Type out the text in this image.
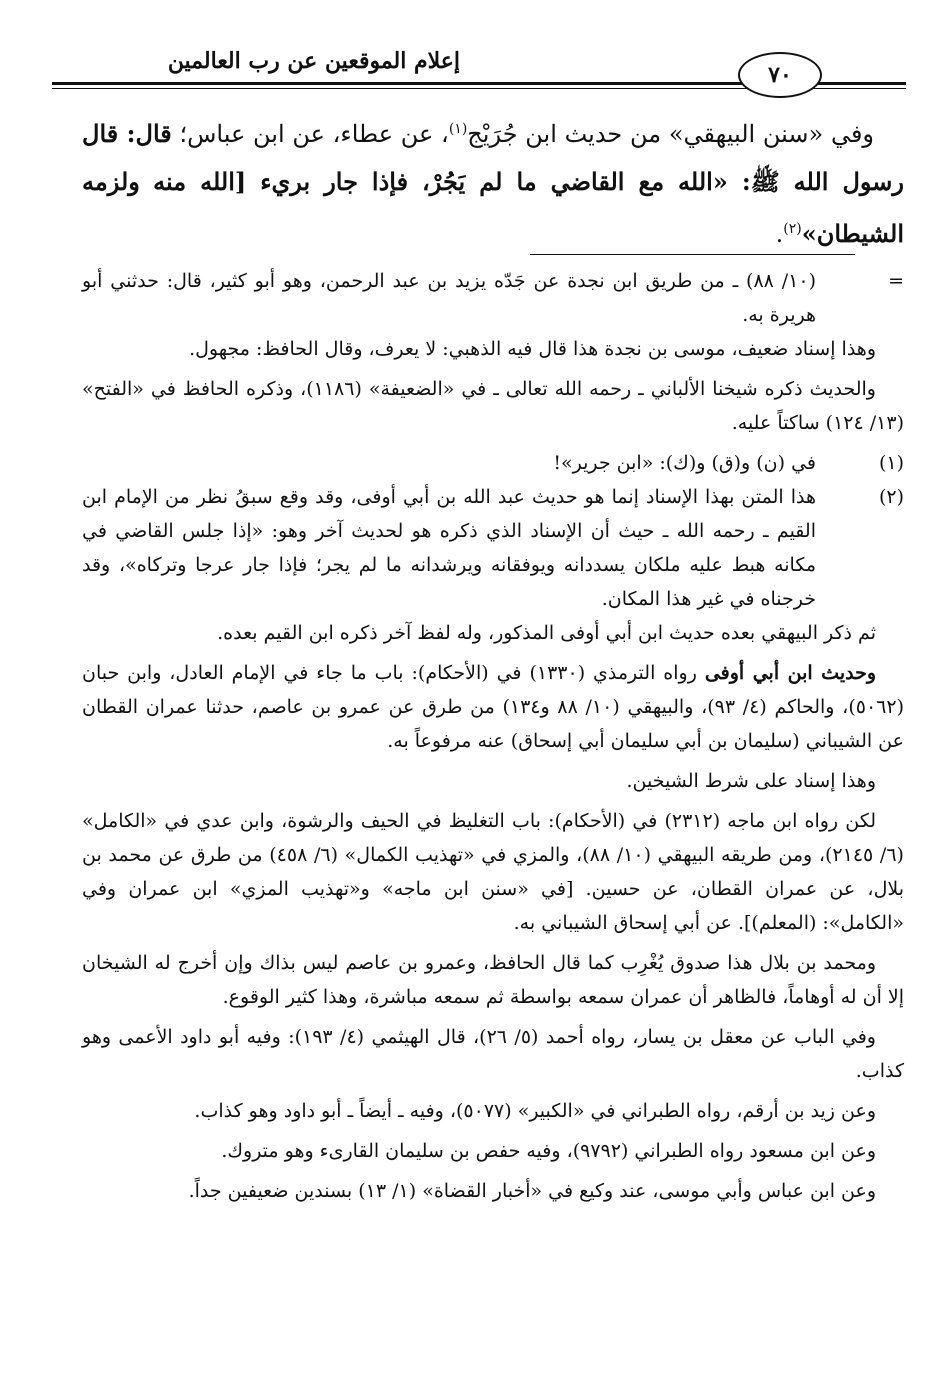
إعلام الموقعين عن رب العالمين
٧٠

وفي «سنن البيهقي» من حديث ابن جُرَيْج$^{(١)}$، عن عطاء، عن ابن عباس؛ قال: قال رسول الله ﷺ: «الله مع القاضي ما لم يَجُرْ، فإذا جار بريء [الله منه ولزمه الشيطان»$^{(٢)}$.

=

(١٠/ ٨٨) ـ من طريق ابن نجدة عن جَدّه يزيد بن عبد الرحمن، وهو أبو كثير، قال: حدثني أبو هريرة به.

وهذا إسناد ضعيف، موسى بن نجدة هذا قال فيه الذهبي: لا يعرف، وقال الحافظ: مجهول.

والحديث ذكره شيخنا الألباني ـ رحمه الله تعالى ـ في «الضعيفة» (١١٨٦)، وذكره الحافظ في «الفتح» (١٣/ ١٢٤) ساكتاً عليه.

(١)

في (ن) و(ق) و(ك): «ابن جرير»!

(٢)

هذا المتن بهذا الإسناد إنما هو حديث عبد الله بن أبي أوفى، وقد وقع سبقُ نظر من الإمام ابن القيم ـ رحمه الله ـ حيث أن الإسناد الذي ذكره هو لحديث آخر وهو: «إذا جلس القاضي في مكانه هبط عليه ملكان يسددانه ويوفقانه ويرشدانه ما لم يجر؛ فإذا جار عرجا وتركاه»، وقد خرجناه في غير هذا المكان.

ثم ذكر البيهقي بعده حديث ابن أبي أوفى المذكور، وله لفظ آخر ذكره ابن القيم بعده.

وحديث ابن أبي أوفى رواه الترمذي (١٣٣٠) في (الأحكام): باب ما جاء في الإمام العادل، وابن حبان (٥٠٦٢)، والحاكم (٤/ ٩٣)، والبيهقي (١٠/ ٨٨ و١٣٤) من طرق عن عمرو بن عاصم، حدثنا عمران القطان عن الشيباني (سليمان بن أبي سليمان أبي إسحاق) عنه مرفوعاً به.

وهذا إسناد على شرط الشيخين.

لكن رواه ابن ماجه (٢٣١٢) في (الأحكام): باب التغليظ في الحيف والرشوة، وابن عدي في «الكامل» (٦/ ٢١٤٥)، ومن طريقه البيهقي (١٠/ ٨٨)، والمزي في «تهذيب الكمال» (٦/ ٤٥٨) من طرق عن محمد بن بلال، عن عمران القطان، عن حسين. [في «سنن ابن ماجه» و«تهذيب المزي» ابن عمران وفي «الكامل»: (المعلم)]. عن أبي إسحاق الشيباني به.

ومحمد بن بلال هذا صدوق يُغْرِب كما قال الحافظ، وعمرو بن عاصم ليس بذاك وإن أخرج له الشيخان إلا أن له أوهاماً، فالظاهر أن عمران سمعه بواسطة ثم سمعه مباشرة، وهذا كثير الوقوع.

وفي الباب عن معقل بن يسار، رواه أحمد (٥/ ٢٦)، قال الهيثمي (٤/ ١٩٣): وفيه أبو داود الأعمى وهو كذاب.

وعن زيد بن أرقم، رواه الطبراني في «الكبير» (٥٠٧٧)، وفيه ـ أيضاً ـ أبو داود وهو كذاب.

وعن ابن مسعود رواه الطبراني (٩٧٩٢)، وفيه حفص بن سليمان القارىء وهو متروك.

وعن ابن عباس وأبي موسى، عند وكيع في «أخبار القضاة» (١/ ١٣) بسندين ضعيفين جداً.
